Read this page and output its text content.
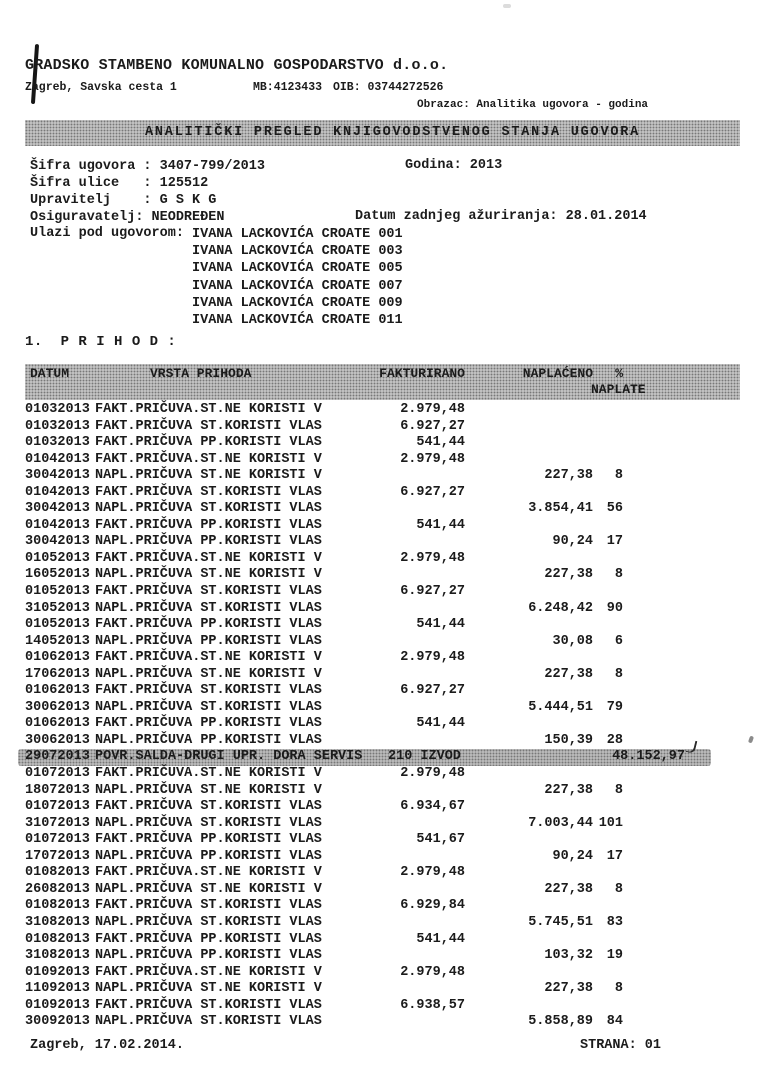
GRADSKO STAMBENO KOMUNALNO GOSPODARSTVO d.o.o.
Zagreb, Savska cesta 1	MB:4123433 OIB: 03744272526
Obrazac: Analitika ugovora - godina

ANALITIČKI PREGLED KNJIGOVODSTVENOG STANJA UGOVORA

Šifra ugovora : 3407-799/2013	Godina: 2013
Šifra ulice   : 125512
Upravitelj    : G S K G
Osiguravatelj: NEODREĐEN	Datum zadnjeg ažuriranja: 28.01.2014
Ulazi pod ugovorom: IVANA LACKOVIĆA CROATE 001
IVANA LACKOVIĆA CROATE 003
IVANA LACKOVIĆA CROATE 005
IVANA LACKOVIĆA CROATE 007
IVANA LACKOVIĆA CROATE 009
IVANA LACKOVIĆA CROATE 011
1.  P R I H O D :

DATUM	VRSTA PRIHODA	FAKTURIRANO	NAPLAĆENO	%

NAPLATE

01032013 FAKT.PRIČUVA.ST.NE KORISTI V	2.979,48
01032013 FAKT.PRIČUVA ST.KORISTI VLAS	6.927,27
01032013 FAKT.PRIČUVA PP.KORISTI VLAS	541,44
01042013 FAKT.PRIČUVA.ST.NE KORISTI V	2.979,48
30042013 NAPL.PRIČUVA ST.NE KORISTI V	227,38	8
01042013 FAKT.PRIČUVA ST.KORISTI VLAS	6.927,27
30042013 NAPL.PRIČUVA ST.KORISTI VLAS	3.854,41	56
01042013 FAKT.PRIČUVA PP.KORISTI VLAS	541,44
30042013 NAPL.PRIČUVA PP.KORISTI VLAS	90,24	17
01052013 FAKT.PRIČUVA.ST.NE KORISTI V	2.979,48
16052013 NAPL.PRIČUVA ST.NE KORISTI V	227,38	8
01052013 FAKT.PRIČUVA ST.KORISTI VLAS	6.927,27
31052013 NAPL.PRIČUVA ST.KORISTI VLAS	6.248,42	90
01052013 FAKT.PRIČUVA PP.KORISTI VLAS	541,44
14052013 NAPL.PRIČUVA PP.KORISTI VLAS	30,08	6
01062013 FAKT.PRIČUVA.ST.NE KORISTI V	2.979,48
17062013 NAPL.PRIČUVA ST.NE KORISTI V	227,38	8
01062013 FAKT.PRIČUVA ST.KORISTI VLAS	6.927,27
30062013 NAPL.PRIČUVA ST.KORISTI VLAS	5.444,51	79
01062013 FAKT.PRIČUVA PP.KORISTI VLAS	541,44
30062013 NAPL.PRIČUVA PP.KORISTI VLAS	150,39	28
29072013 POVR.SALDA-DRUGI UPR. DORA SERVIS	210 IZVOD	48.152,97
01072013 FAKT.PRIČUVA.ST.NE KORISTI V	2.979,48
18072013 NAPL.PRIČUVA ST.NE KORISTI V	227,38	8
01072013 FAKT.PRIČUVA ST.KORISTI VLAS	6.934,67
31072013 NAPL.PRIČUVA ST.KORISTI VLAS	7.003,44 101
01072013 FAKT.PRIČUVA PP.KORISTI VLAS	541,67
17072013 NAPL.PRIČUVA PP.KORISTI VLAS	90,24	17
01082013 FAKT.PRIČUVA.ST.NE KORISTI V	2.979,48
26082013 NAPL.PRIČUVA ST.NE KORISTI V	227,38	8
01082013 FAKT.PRIČUVA ST.KORISTI VLAS	6.929,84
31082013 NAPL.PRIČUVA ST.KORISTI VLAS	5.745,51	83
01082013 FAKT.PRIČUVA PP.KORISTI VLAS	541,44
31082013 NAPL.PRIČUVA PP.KORISTI VLAS	103,32	19
01092013 FAKT.PRIČUVA.ST.NE KORISTI V	2.979,48
11092013 NAPL.PRIČUVA ST.NE KORISTI V	227,38	8
01092013 FAKT.PRIČUVA ST.KORISTI VLAS	6.938,57
30092013 NAPL.PRIČUVA ST.KORISTI VLAS	5.858,89	84
Zagreb, 17.02.2014.	STRANA: 01
